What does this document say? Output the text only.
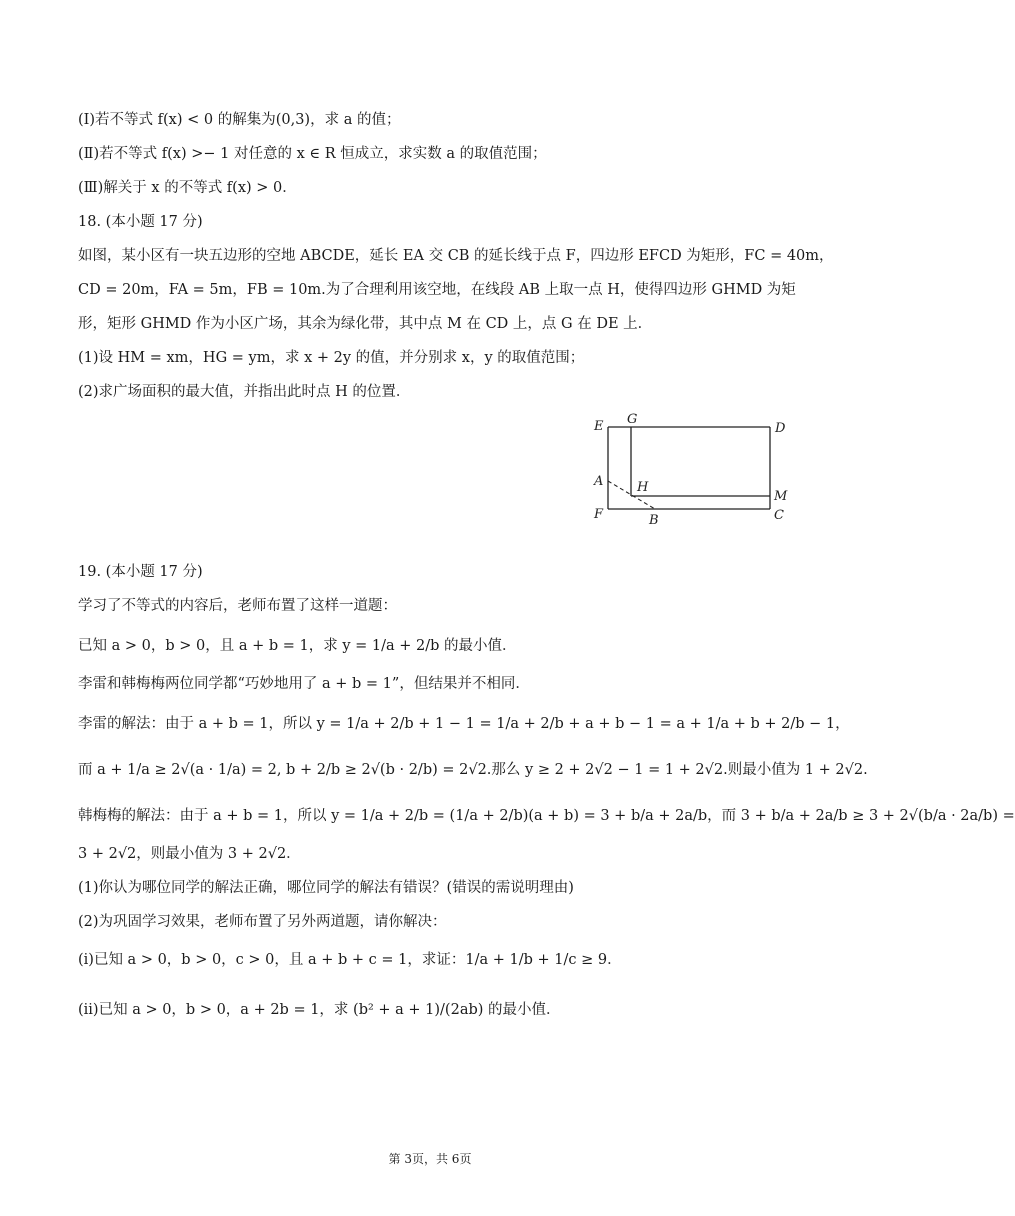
(Ⅰ)若不等式 f(x) < 0 的解集为(0,3)，求 a 的值；
(Ⅱ)若不等式 f(x) >− 1 对任意的 x ∈ R 恒成立，求实数 a 的取值范围；
(Ⅲ)解关于 x 的不等式 f(x) > 0．
18. (本小题 17 分)
如图，某小区有一块五边形的空地 ABCDE，延长 EA 交 CB 的延长线于点 F，四边形 EFCD 为矩形，FC = 40m，
CD = 20m，FA = 5m，FB = 10m.为了合理利用该空地，在线段 AB 上取一点 H，使得四边形 GHMD 为矩
形，矩形 GHMD 作为小区广场，其余为绿化带，其中点 M 在 CD 上，点 G 在 DE 上．
(1)设 HM = xm，HG = ym，求 x + 2y 的值，并分别求 x，y 的取值范围；
(2)求广场面积的最大值，并指出此时点 H 的位置．
E G
D
A	H
M
F	B	C
19. (本小题 17 分)
学习了不等式的内容后，老师布置了这样一道题：
已知 a > 0，b > 0，且 a + b = 1，求 y = 1/a + 2/b 的最小值．
李雷和韩梅梅两位同学都“巧妙地用了 a + b = 1”，但结果并不相同．
李雷的解法：由于 a + b = 1，所以 y = 1/a + 2/b + 1 − 1 = 1/a + 2/b + a + b − 1 = a + 1/a + b + 2/b − 1，
而 a + 1/a ≥ 2√(a · 1/a) = 2, b + 2/b ≥ 2√(b · 2/b) = 2√2.那么 y ≥ 2 + 2√2 − 1 = 1 + 2√2.则最小值为 1 + 2√2.
韩梅梅的解法：由于 a + b = 1，所以 y = 1/a + 2/b = (1/a + 2/b)(a + b) = 3 + b/a + 2a/b，而 3 + b/a + 2a/b ≥ 3 + 2√(b/a · 2a/b) =
3 + 2√2，则最小值为 3 + 2√2．
(1)你认为哪位同学的解法正确，哪位同学的解法有错误？(错误的需说明理由)
(2)为巩固学习效果，老师布置了另外两道题，请你解决：
(i)已知 a > 0，b > 0，c > 0，且 a + b + c = 1，求证：1/a + 1/b + 1/c ≥ 9．
(ii)已知 a > 0，b > 0，a + 2b = 1，求 (b² + a + 1)/(2ab) 的最小值．
第 3页，共 6页
